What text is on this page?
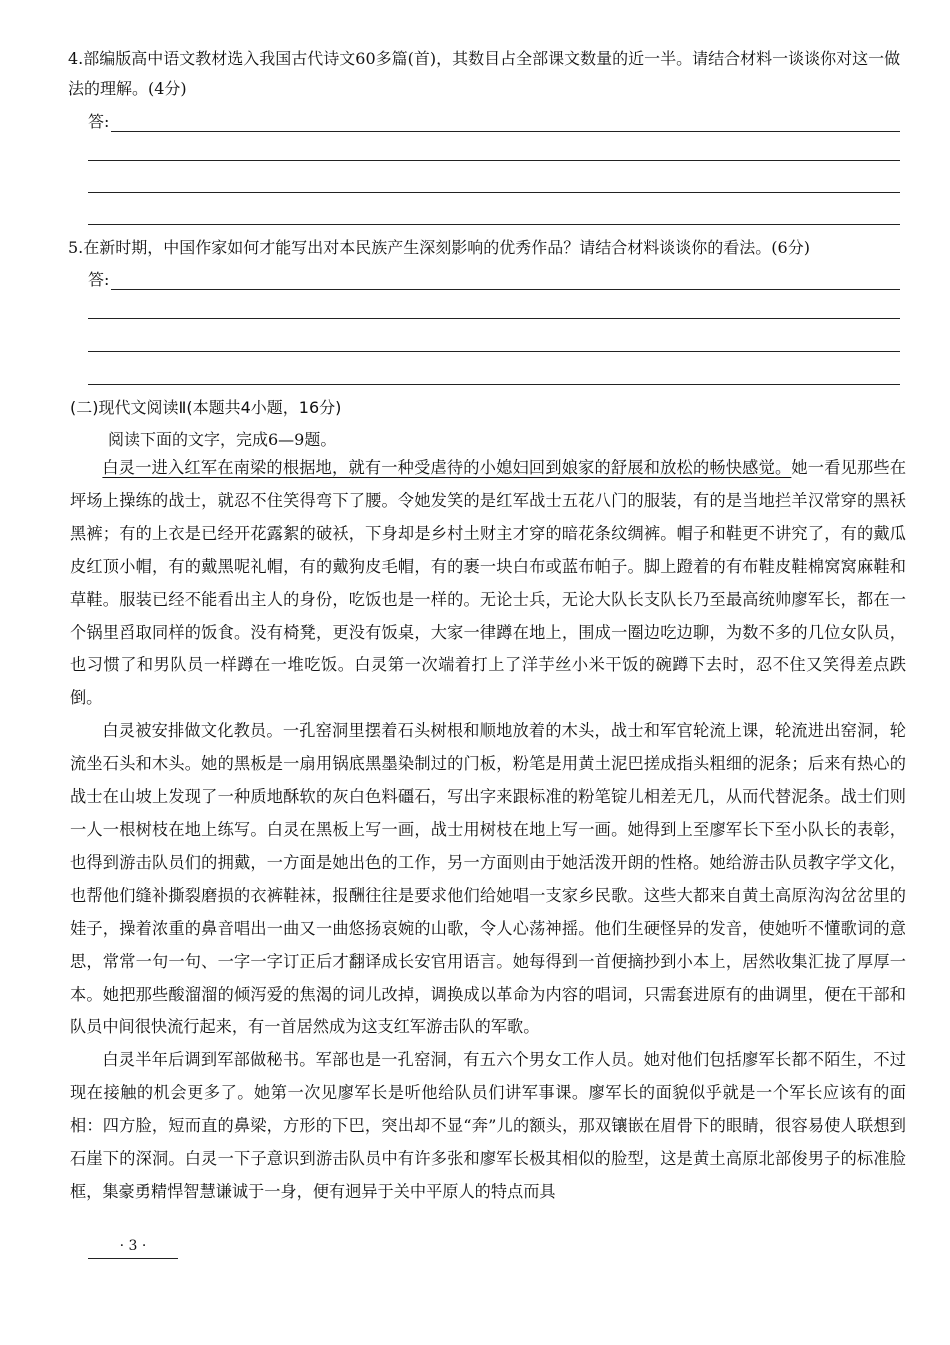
4.部编版高中语文教材选入我国古代诗文60多篇(首)，其数目占全部课文数量的近一半。请结合材料一谈谈你对这一做法的理解。(4分)
答:
5.在新时期，中国作家如何才能写出对本民族产生深刻影响的优秀作品？请结合材料谈谈你的看法。(6分)
答:
(二)现代文阅读Ⅱ(本题共4小题，16分)
阅读下面的文字，完成6—9题。

白灵一进入红军在南梁的根据地，就有一种受虐待的小媳妇回到娘家的舒展和放松的畅快感觉。她一看见那些在坪场上操练的战士，就忍不住笑得弯下了腰。令她发笑的是红军战士五花八门的服装，有的是当地拦羊汉常穿的黑袄黑裤；有的上衣是已经开花露絮的破袄，下身却是乡村土财主才穿的暗花条纹绸裤。帽子和鞋更不讲究了，有的戴瓜皮红顶小帽，有的戴黑呢礼帽，有的戴狗皮毛帽，有的裹一块白布或蓝布帕子。脚上蹬着的有布鞋皮鞋棉窝窝麻鞋和草鞋。服装已经不能看出主人的身份，吃饭也是一样的。无论士兵，无论大队长支队长乃至最高统帅廖军长，都在一个锅里舀取同样的饭食。没有椅凳，更没有饭桌，大家一律蹲在地上，围成一圈边吃边聊，为数不多的几位女队员，也习惯了和男队员一样蹲在一堆吃饭。白灵第一次端着打上了洋芋丝小米干饭的碗蹲下去时，忍不住又笑得差点跌倒。

白灵被安排做文化教员。一孔窑洞里摆着石头树根和顺地放着的木头，战士和军官轮流上课，轮流进出窑洞，轮流坐石头和木头。她的黑板是一扇用锅底黑墨染制过的门板，粉笔是用黄土泥巴搓成指头粗细的泥条；后来有热心的战士在山坡上发现了一种质地酥软的灰白色料礓石，写出字来跟标准的粉笔锭儿相差无几，从而代替泥条。战士们则一人一根树枝在地上练写。白灵在黑板上写一画，战士用树枝在地上写一画。她得到上至廖军长下至小队长的表彰，也得到游击队员们的拥戴，一方面是她出色的工作，另一方面则由于她活泼开朗的性格。她给游击队员教字学文化，也帮他们缝补撕裂磨损的衣裤鞋袜，报酬往往是要求他们给她唱一支家乡民歌。这些大都来自黄土高原沟沟岔岔里的娃子，操着浓重的鼻音唱出一曲又一曲悠扬哀婉的山歌，令人心荡神摇。他们生硬怪异的发音，使她听不懂歌词的意思，常常一句一句、一字一字订正后才翻译成长安官用语言。她每得到一首便摘抄到小本上，居然收集汇拢了厚厚一本。她把那些酸溜溜的倾泻爱的焦渴的词儿改掉，调换成以革命为内容的唱词，只需套进原有的曲调里，便在干部和队员中间很快流行起来，有一首居然成为这支红军游击队的军歌。

白灵半年后调到军部做秘书。军部也是一孔窑洞，有五六个男女工作人员。她对他们包括廖军长都不陌生，不过现在接触的机会更多了。她第一次见廖军长是听他给队员们讲军事课。廖军长的面貌似乎就是一个军长应该有的面相：四方脸，短而直的鼻梁，方形的下巴，突出却不显“奔”儿的额头，那双镶嵌在眉骨下的眼睛，很容易使人联想到石崖下的深洞。白灵一下子意识到游击队员中有许多张和廖军长极其相似的脸型，这是黄土高原北部俊男子的标准脸框，集豪勇精悍智慧谦诚于一身，便有迥异于关中平原人的特点而具

· 3 ·
